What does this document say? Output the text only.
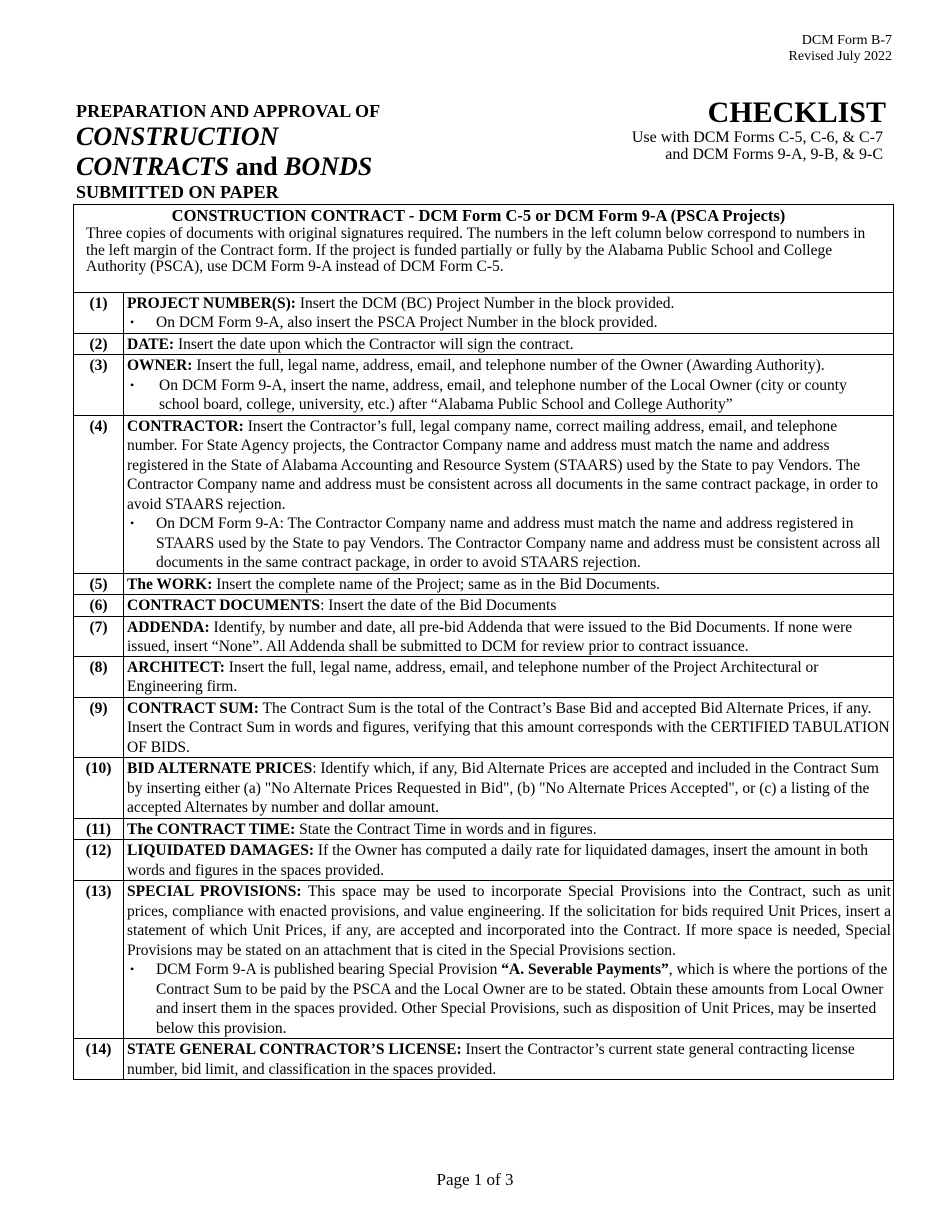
DCM Form B-7
Revised July 2022
PREPARATION AND APPROVAL OF
CONSTRUCTION
CONTRACTS and BONDS
SUBMITTED ON PAPER
CHECKLIST
Use with DCM Forms C-5, C-6, & C-7
and DCM Forms 9-A, 9-B, & 9-C
CONSTRUCTION CONTRACT - DCM Form C-5 or DCM Form 9-A (PSCA Projects)
Three copies of documents with original signatures required. The numbers in the left column below correspond to numbers in the left margin of the Contract form. If the project is funded partially or fully by the Alabama Public School and College Authority (PSCA), use DCM Form 9-A instead of DCM Form C-5.	

(1)	PROJECT NUMBER(S): Insert the DCM (BC) Project Number in the block provided.
• On DCM Form 9-A, also insert the PSCA Project Number in the block provided.

(2)	DATE: Insert the date upon which the Contractor will sign the contract.
(3)	OWNER: Insert the full, legal name, address, email, and telephone number of the Owner (Awarding Authority).
• On DCM Form 9-A, insert the name, address, email, and telephone number of the Local Owner (city or county school board, college, university, etc.) after “Alabama Public School and College Authority”

(4)	CONTRACTOR: Insert the Contractor’s full, legal company name, correct mailing address, email, and telephone number. For State Agency projects, the Contractor Company name and address must match the name and address registered in the State of Alabama Accounting and Resource System (STAARS) used by the State to pay Vendors. The Contractor Company name and address must be consistent across all documents in the same contract package, in order to avoid STAARS rejection.
• On DCM Form 9-A: The Contractor Company name and address must match the name and address registered in STAARS used by the State to pay Vendors. The Contractor Company name and address must be consistent across all documents in the same contract package, in order to avoid STAARS rejection.

(5)	The WORK: Insert the complete name of the Project; same as in the Bid Documents.
(6)	CONTRACT DOCUMENTS: Insert the date of the Bid Documents
(7)	ADDENDA: Identify, by number and date, all pre-bid Addenda that were issued to the Bid Documents. If none were issued, insert “None”. All Addenda shall be submitted to DCM for review prior to contract issuance.
(8)	ARCHITECT: Insert the full, legal name, address, email, and telephone number of the Project Architectural or Engineering firm.
(9)	CONTRACT SUM: The Contract Sum is the total of the Contract’s Base Bid and accepted Bid Alternate Prices, if any. Insert the Contract Sum in words and figures, verifying that this amount corresponds with the CERTIFIED TABULATION OF BIDS.
(10)	BID ALTERNATE PRICES: Identify which, if any, Bid Alternate Prices are accepted and included in the Contract Sum by inserting either (a) "No Alternate Prices Requested in Bid", (b) "No Alternate Prices Accepted", or (c) a listing of the accepted Alternates by number and dollar amount.
(11)	The CONTRACT TIME: State the Contract Time in words and in figures.
(12)	LIQUIDATED DAMAGES: If the Owner has computed a daily rate for liquidated damages, insert the amount in both words and figures in the spaces provided.
(13)	SPECIAL PROVISIONS: This space may be used to incorporate Special Provisions into the Contract, such as unit prices, compliance with enacted provisions, and value engineering. If the solicitation for bids required Unit Prices, insert a statement of which Unit Prices, if any, are accepted and incorporated into the Contract. If more space is needed, Special Provisions may be stated on an attachment that is cited in the Special Provisions section.
• DCM Form 9-A is published bearing Special Provision “A. Severable Payments”, which is where the portions of the Contract Sum to be paid by the PSCA and the Local Owner are to be stated. Obtain these amounts from Local Owner and insert them in the spaces provided. Other Special Provisions, such as disposition of Unit Prices, may be inserted below this provision.

(14)	STATE GENERAL CONTRACTOR’S LICENSE: Insert the Contractor’s current state general contracting license number, bid limit, and classification in the spaces provided.
Page 1 of 3
